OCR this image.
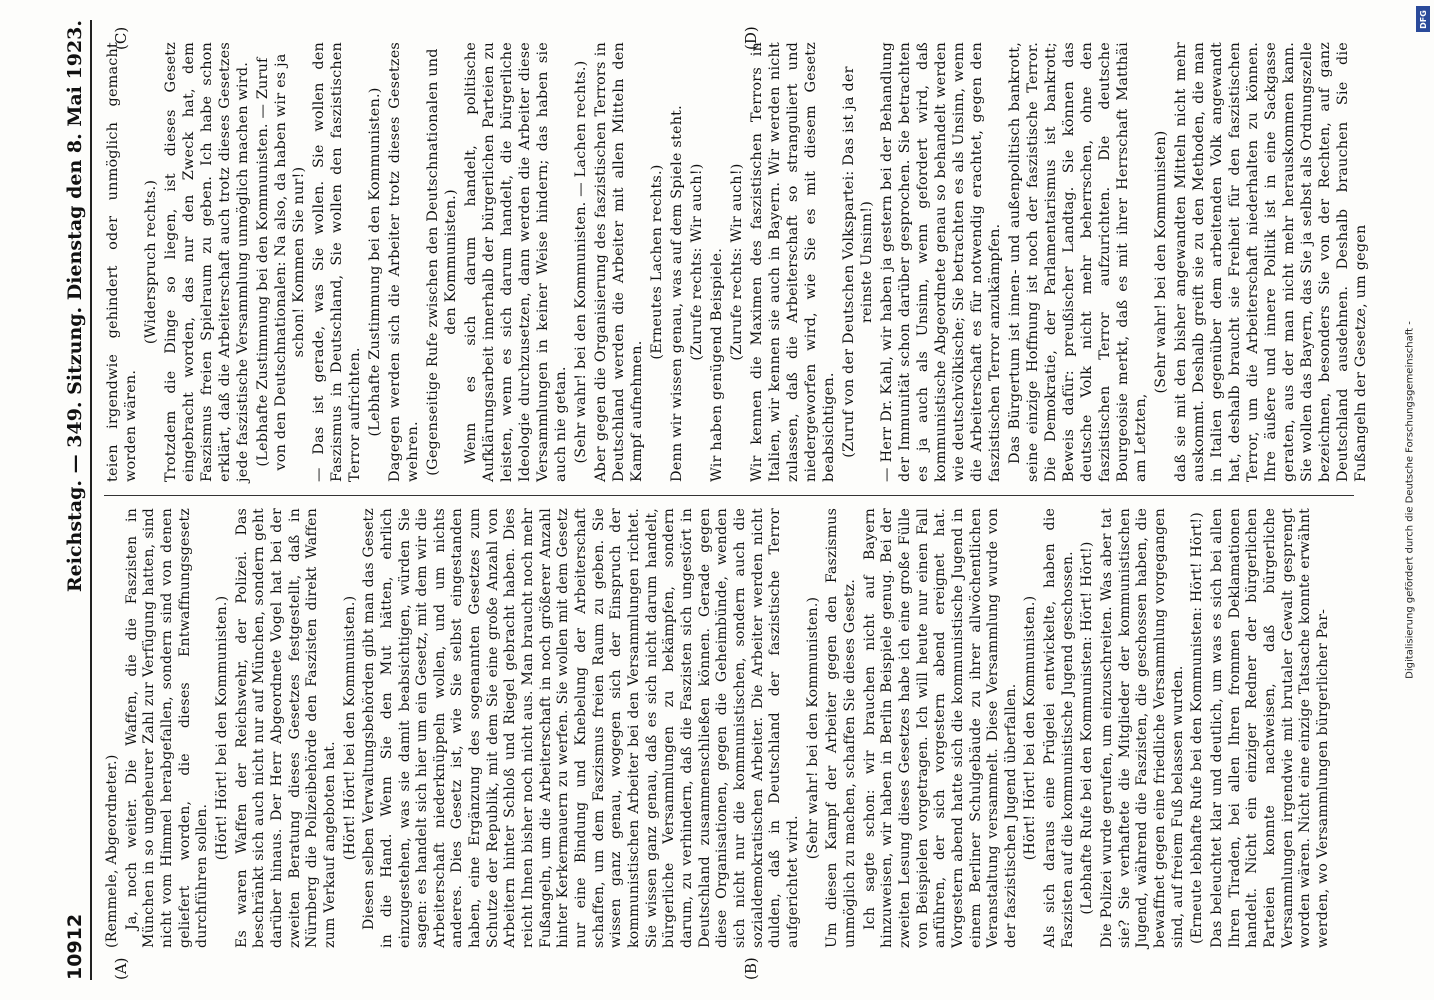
10912
Reichstag. — 349. Sitzung. Dienstag den 8. Mai 1923.
(A)	(B)
(C)	(D)

(Remmele, Abgeordneter.) Ja, noch weiter. Die Waffen, die die Faszisten in München in so ungeheurer Zahl zur Verfügung hatten, sind nicht vom Himmel herabgefallen, sondern sind von denen geliefert worden, die dieses Entwaffnungsgesetz durchführen sollen.

(Hört! Hört! bei den Kommunisten.) Es waren Waffen der Reichswehr, der Polizei. Das beschränkt sich auch nicht nur auf München, sondern geht darüber hinaus. Der Herr Abgeordnete Vogel hat bei der zweiten Beratung dieses Gesetzes festgestellt, daß in Nürnberg die Polizeibehörde den Faszisten direkt Waffen zum Verkauf angeboten hat. (Hört! Hört! bei den Kommunisten.) Diesen selben Verwaltungsbehörden gibt man das Gesetz in die Hand. Wenn Sie den Mut hätten, ehrlich einzugestehen, was sie damit beabsichtigen, würden Sie sagen: es handelt sich hier um ein Gesetz, mit dem wir die Arbeiterschaft niederknüppeln wollen, und um nichts anderes. Dies Gesetz ist, wie Sie selbst eingestanden haben, eine Ergänzung des sogenannten Gesetzes zum Schutze der Republik, mit dem Sie eine große Anzahl von Arbeitern hinter Schloß und Riegel gebracht haben. Dies reicht Ihnen bisher noch nicht aus. Man braucht noch mehr Fußangeln, um die Arbeiterschaft in noch größerer Anzahl hinter Kerkermauern zu werfen. Sie wollen mit dem Gesetz nur eine Bindung und Knebelung der Arbeiterschaft schaffen, um dem Faszismus freien Raum zu geben. Sie wissen ganz genau, wogegen sich der Einspruch der kommunistischen Arbeiter bei den Versammlungen richtet. Sie wissen ganz genau, daß es sich nicht darum handelt, bürgerliche Versammlungen zu bekämpfen, sondern darum, zu verhindern, daß die Faszisten sich ungestört in Deutschland zusammenschließen können. Gerade gegen diese Organisationen, gegen die Geheimbünde, wenden sich nicht nur die kommunistischen, sondern auch die sozialdemokratischen Arbeiter. Die Arbeiter werden nicht dulden, daß in Deutschland der faszistische Terror aufgerichtet wird.

(Sehr wahr! bei den Kommunisten.) Um diesen Kampf der Arbeiter gegen den Faszismus unmöglich zu machen, schaffen Sie dieses Gesetz. Ich sagte schon: wir brauchen nicht auf Bayern hinzuweisen, wir haben in Berlin Beispiele genug. Bei der zweiten Lesung dieses Gesetzes habe ich eine große Fülle von Beispielen vorgetragen. Ich will heute nur einen Fall anführen, der sich vorgestern abend ereignet hat. Vorgestern abend hatte sich die kommunistische Jugend in einem Berliner Schulgebäude zu ihrer allwöchentlichen Veranstaltung versammelt. Diese Versammlung wurde von der faszistischen Jugend überfallen. (Hört! Hört! bei den Kommunisten.) Als sich daraus eine Prügelei entwickelte, haben die Faszisten auf die kommunistische Jugend geschossen. (Lebhafte Rufe bei den Kommunisten: Hört! Hört!) Die Polizei wurde gerufen, um einzuschreiten. Was aber tat sie? Sie verhaftete die Mitglieder der kommunistischen Jugend, während die Faszisten, die geschossen haben, die bewaffnet gegen eine friedliche Versammlung vorgegangen sind, auf freiem Fuß belassen wurden. (Erneute lebhafte Rufe bei den Kommunisten: Hört! Hört!) Das beleuchtet klar und deutlich, um was es sich bei allen Ihren Tiraden, bei allen Ihren frommen Deklamationen handelt. Nicht ein einziger Redner der bürgerlichen Parteien konnte nachweisen, daß bürgerliche Versammlungen irgendwie mit brutaler Gewalt gesprengt worden wären. Nicht eine einzige Tatsache konnte erwähnt werden, wo Versammlungen bürgerlicher Par-

teien irgendwie gehindert oder unmöglich gemacht worden wären.

(Widerspruch rechts.) Trotzdem die Dinge so liegen, ist dieses Gesetz eingebracht worden, das nur den Zweck hat, dem Faszismus freien Spielraum zu geben. Ich habe schon erklärt, daß die Arbeiterschaft auch trotz dieses Gesetzes jede faszistische Versammlung unmöglich machen wird. (Lebhafte Zustimmung bei den Kommunisten. — Zuruf von den Deutschnationalen: Na also, da haben wir es ja schon! Kommen Sie nur!) — Das ist gerade, was Sie wollen. Sie wollen den Faszismus in Deutschland, Sie wollen den faszistischen Terror aufrichten. (Lebhafte Zustimmung bei den Kommunisten.) Dagegen werden sich die Arbeiter trotz dieses Gesetzes wehren. (Gegenseitige Rufe zwischen den Deutschnationalen und den Kommunisten.) Wenn es sich darum handelt, politische Aufklärungsarbeit innerhalb der bürgerlichen Parteien zu leisten, wenn es sich darum handelt, die bürgerliche Ideologie durchzusetzen, dann werden die Arbeiter diese Versammlungen in keiner Weise hindern; das haben sie auch nie getan. (Sehr wahr! bei den Kommunisten. — Lachen rechts.) Aber gegen die Organisierung des faszistischen Terrors in Deutschland werden die Arbeiter mit allen Mitteln den Kampf aufnehmen.

(Erneutes Lachen rechts.) Denn wir wissen genau, was auf dem Spiele steht. (Zurufe rechts: Wir auch!) Wir haben genügend Beispiele. (Zurufe rechts: Wir auch!) Wir kennen die Maximen des faszistischen Terrors in Italien, wir kennen sie auch in Bayern. Wir werden nicht zulassen, daß die Arbeiterschaft so stranguliert und niedergeworfen wird, wie Sie es mit diesem Gesetz beabsichtigen. (Zuruf von der Deutschen Volkspartei: Das ist ja der reinste Unsinn!) — Herr Dr. Kahl, wir haben ja gestern bei der Behandlung der Immunität schon darüber gesprochen. Sie betrachten es ja auch als Unsinn, wenn gefordert wird, daß kommunistische Abgeordnete genau so behandelt werden wie deutschvölkische; Sie betrachten es als Unsinn, wenn die Arbeiterschaft es für notwendig erachtet, gegen den faszistischen Terror anzukämpfen. Das Bürgertum ist innen- und außenpolitisch bankrott, seine einzige Hoffnung ist noch der faszistische Terror. Die Demokratie, der Parlamentarismus ist bankrott; Beweis dafür: preußischer Landtag. Sie können das deutsche Volk nicht mehr beherrschen, ohne den faszistischen Terror aufzurichten. Die deutsche Bourgeoisie merkt, daß es mit ihrer Herrschaft Matthäi am Letzten,

(Sehr wahr! bei den Kommunisten) daß sie mit den bisher angewandten Mitteln nicht mehr auskommt. Deshalb greift sie zu den Methoden, die man in Italien gegenüber dem arbeitenden Volk angewandt hat, deshalb braucht sie Freiheit für den faszistischen Terror, um die Arbeiterschaft niederhalten zu können. Ihre äußere und innere Politik ist in eine Sackgasse geraten, aus der man nicht mehr herauskommen kann. Sie wollen das Bayern, das Sie ja selbst als Ordnungszelle bezeichnen, besonders Sie von der Rechten, auf ganz Deutschland ausdehnen. Deshalb brauchen Sie die Fußangeln der Gesetze, um gegen	Digitalisierung gefördert durch die Deutsche Forschungsgemeinschaft -
DFG
